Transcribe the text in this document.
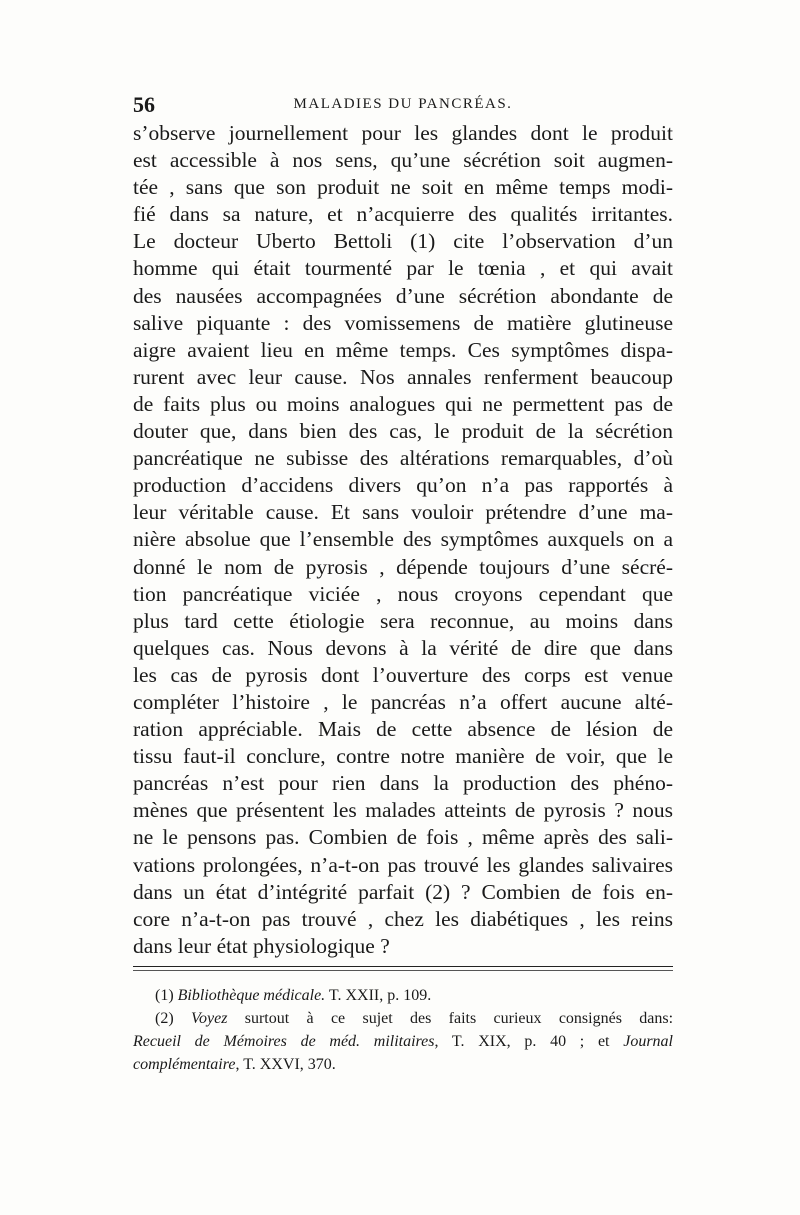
56	MALADIES DU PANCRÉAS.
s’observe journellement pour les glandes dont le produit
est accessible à nos sens, qu’une sécrétion soit augmen-
tée , sans que son produit ne soit en même temps modi-
fié dans sa nature, et n’acquierre des qualités irritantes.
Le docteur Uberto Bettoli (1) cite l’observation d’un
homme qui était tourmenté par le tœnia , et qui avait
des nausées accompagnées d’une sécrétion abondante de
salive piquante : des vomissemens de matière glutineuse
aigre avaient lieu en même temps. Ces symptômes dispa-
rurent avec leur cause. Nos annales renferment beaucoup
de faits plus ou moins analogues qui ne permettent pas de
douter que, dans bien des cas, le produit de la sécrétion
pancréatique ne subisse des altérations remarquables, d’où
production d’accidens divers qu’on n’a pas rapportés à
leur véritable cause. Et sans vouloir prétendre d’une ma-
nière absolue que l’ensemble des symptômes auxquels on a
donné le nom de pyrosis , dépende toujours d’une sécré-
tion pancréatique viciée , nous croyons cependant que
plus tard cette étiologie sera reconnue, au moins dans
quelques cas. Nous devons à la vérité de dire que dans
les cas de pyrosis dont l’ouverture des corps est venue
compléter l’histoire , le pancréas n’a offert aucune alté-
ration appréciable. Mais de cette absence de lésion de
tissu faut-il conclure, contre notre manière de voir, que le
pancréas n’est pour rien dans la production des phéno-
mènes que présentent les malades atteints de pyrosis ? nous
ne le pensons pas. Combien de fois , même après des sali-
vations prolongées, n’a-t-on pas trouvé les glandes salivaires
dans un état d’intégrité parfait (2) ? Combien de fois en-
core n’a-t-on pas trouvé , chez les diabétiques , les reins
dans leur état physiologique ?
(1) Bibliothèque médicale. T. XXII, p. 109.
(2) Voyez surtout à ce sujet des faits curieux consignés dans:
Recueil de Mémoires de méd. militaires, T. XIX, p. 40 ; et Journal
complémentaire, T. XXVI, 370.
